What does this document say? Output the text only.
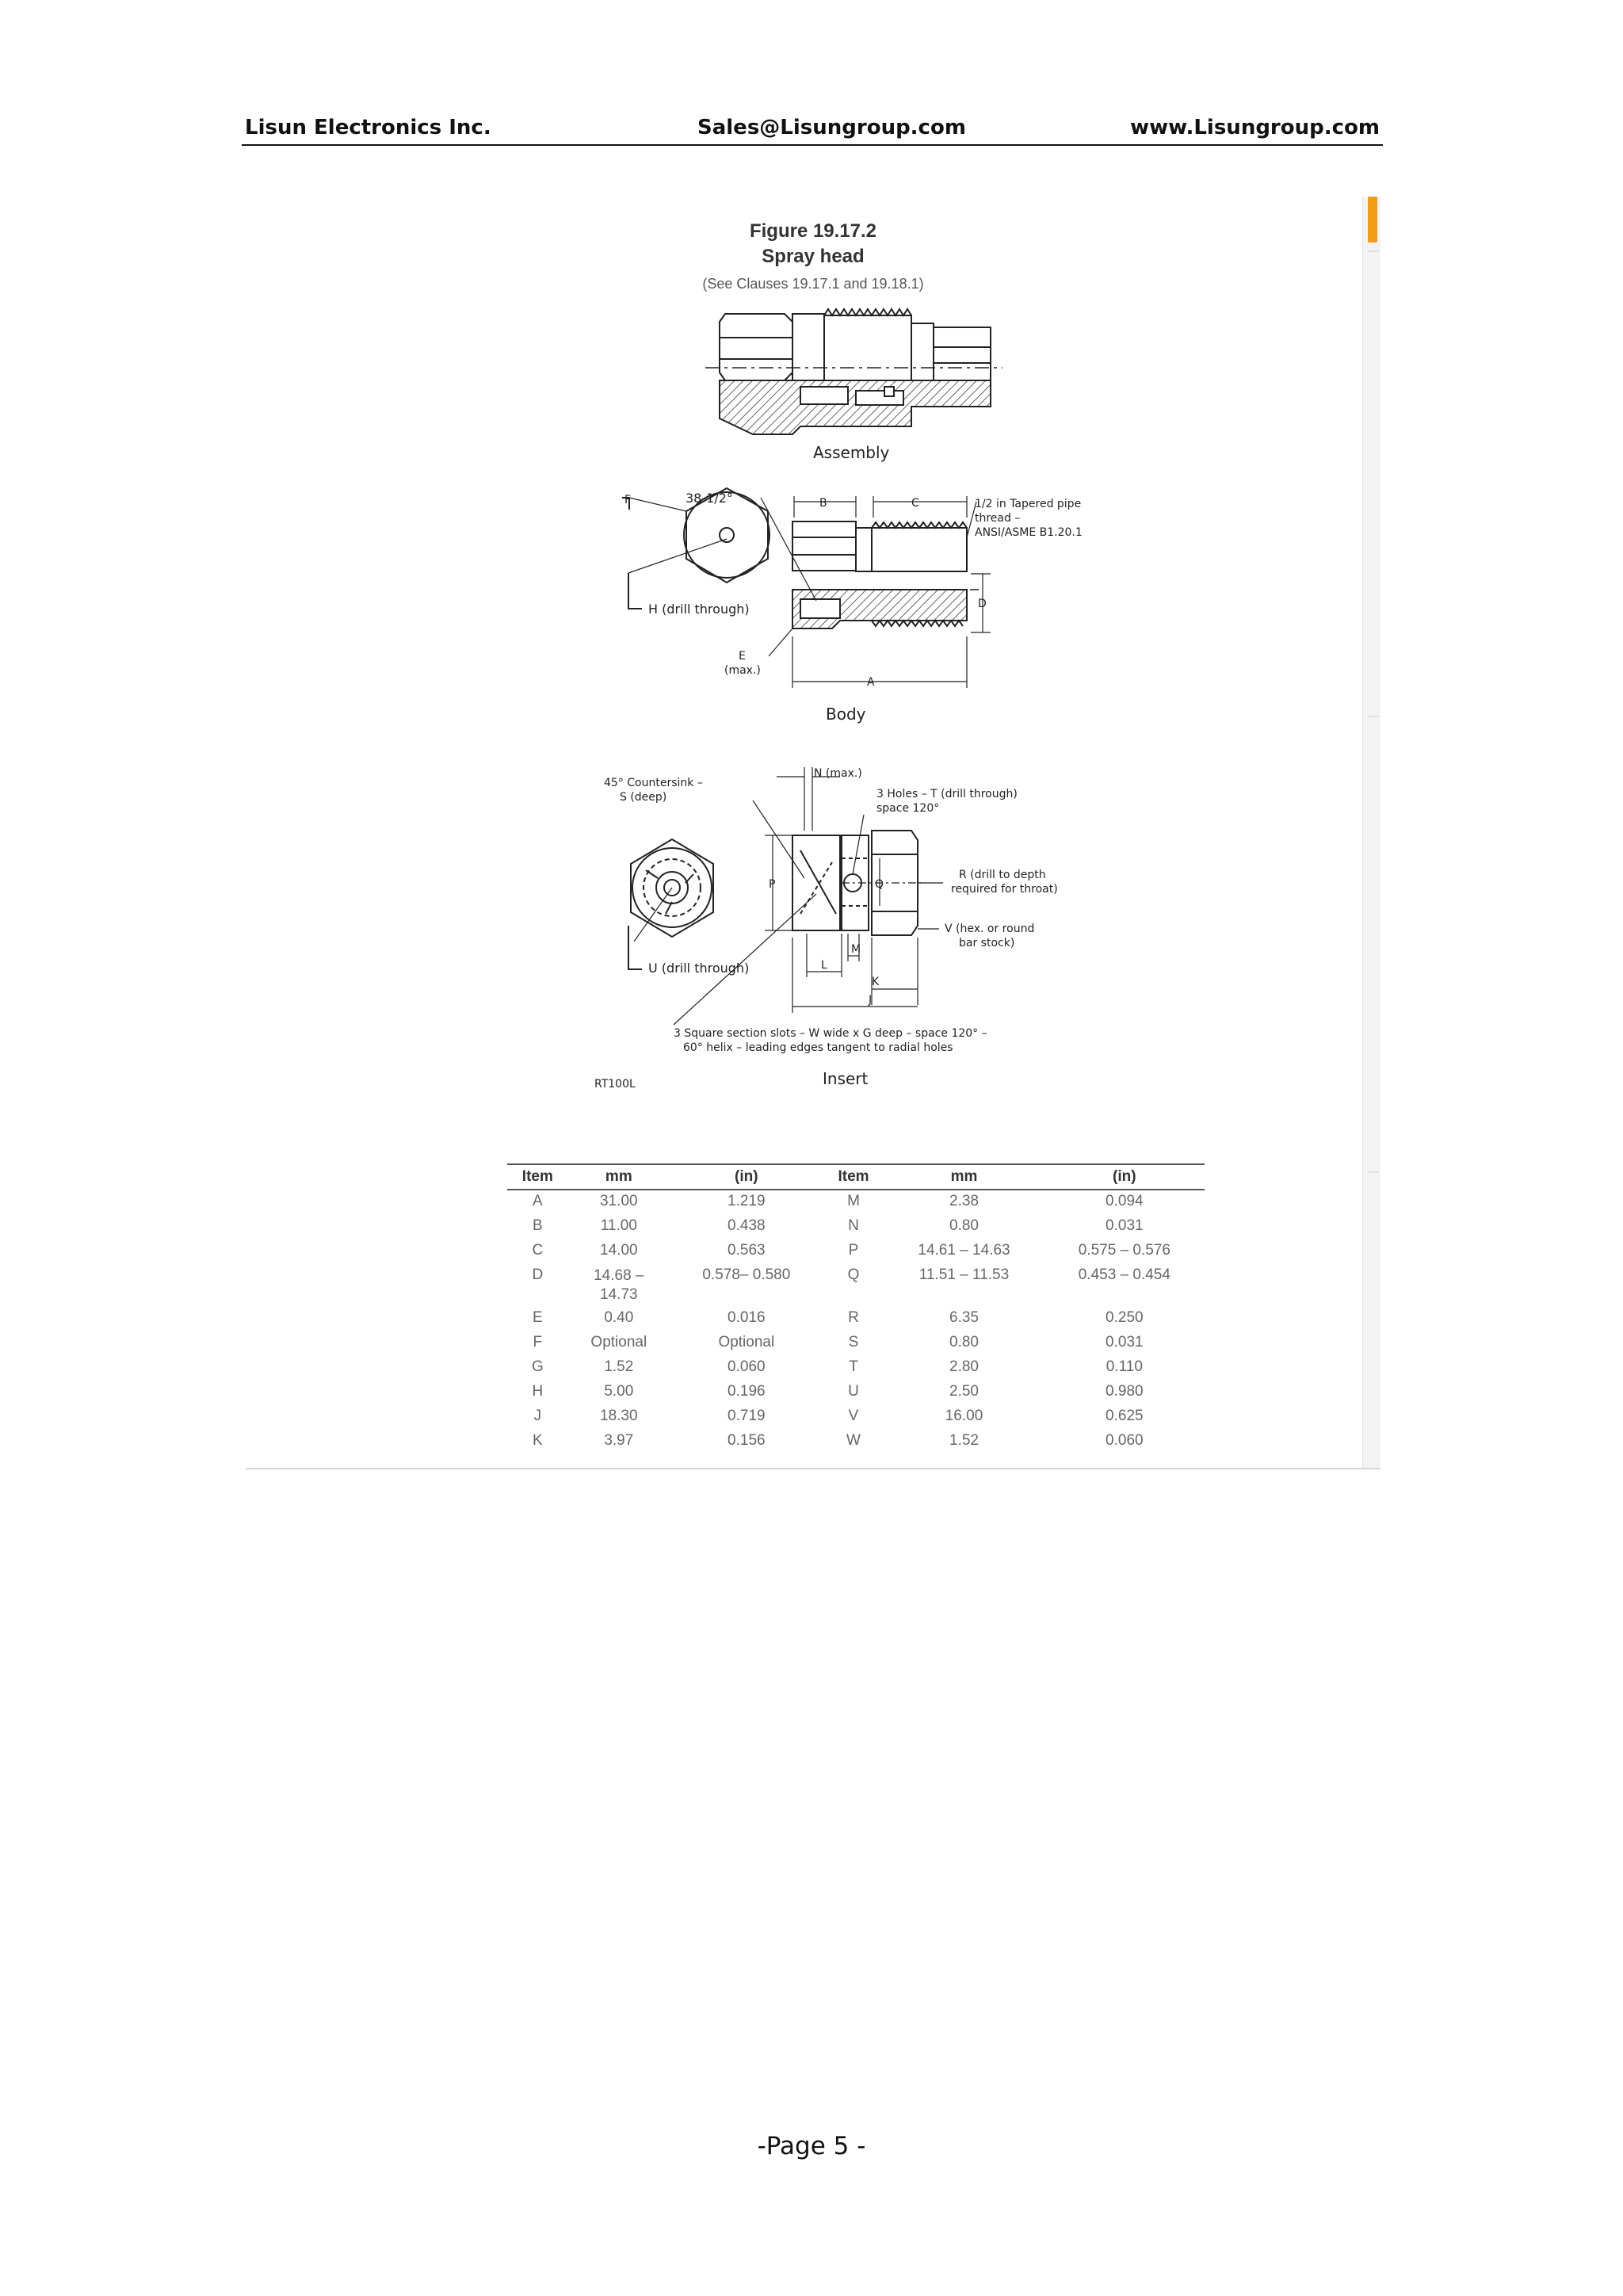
Lisun Electronics Inc.	Sales@Lisungroup.com	www.Lisungroup.com
Figure 19.17.2
Spray head
(See Clauses 19.17.1 and 19.18.1)
Assembly
F
H (drill through)
Body
38-1/2°	B	C	1/2 in Tapered pipe
thread –
ANSI/ASME B1.20.1
D
E
(max.)
A
U (drill through)
N (max.)
45° Countersink –
S (deep)	3 Holes – T (drill through)
space 120°
P	Q
R (drill to depth
required for throat)
V (hex. or round
bar stock)
M
L
K
J
3 Square section slots – W wide x G deep – space 120° –
60° helix – leading edges tangent to radial holes
RT100L	Insert
Item	mm	(in)	Item	mm	(in)
A	31.00	1.219	M	2.38	0.094
B	11.00	0.438	N	0.80	0.031
C	14.00	0.563	P	14.61 – 14.63	0.575 – 0.576
D	14.68 –
14.73	0.578– 0.580	Q	11.51 – 11.53	0.453 – 0.454
E	0.40	0.016	R	6.35	0.250
F	Optional	Optional	S	0.80	0.031
G	1.52	0.060	T	2.80	0.110
H	5.00	0.196	U	2.50	0.980
J	18.30	0.719	V	16.00	0.625
K	3.97	0.156	W	1.52	0.060
-Page 5 -
